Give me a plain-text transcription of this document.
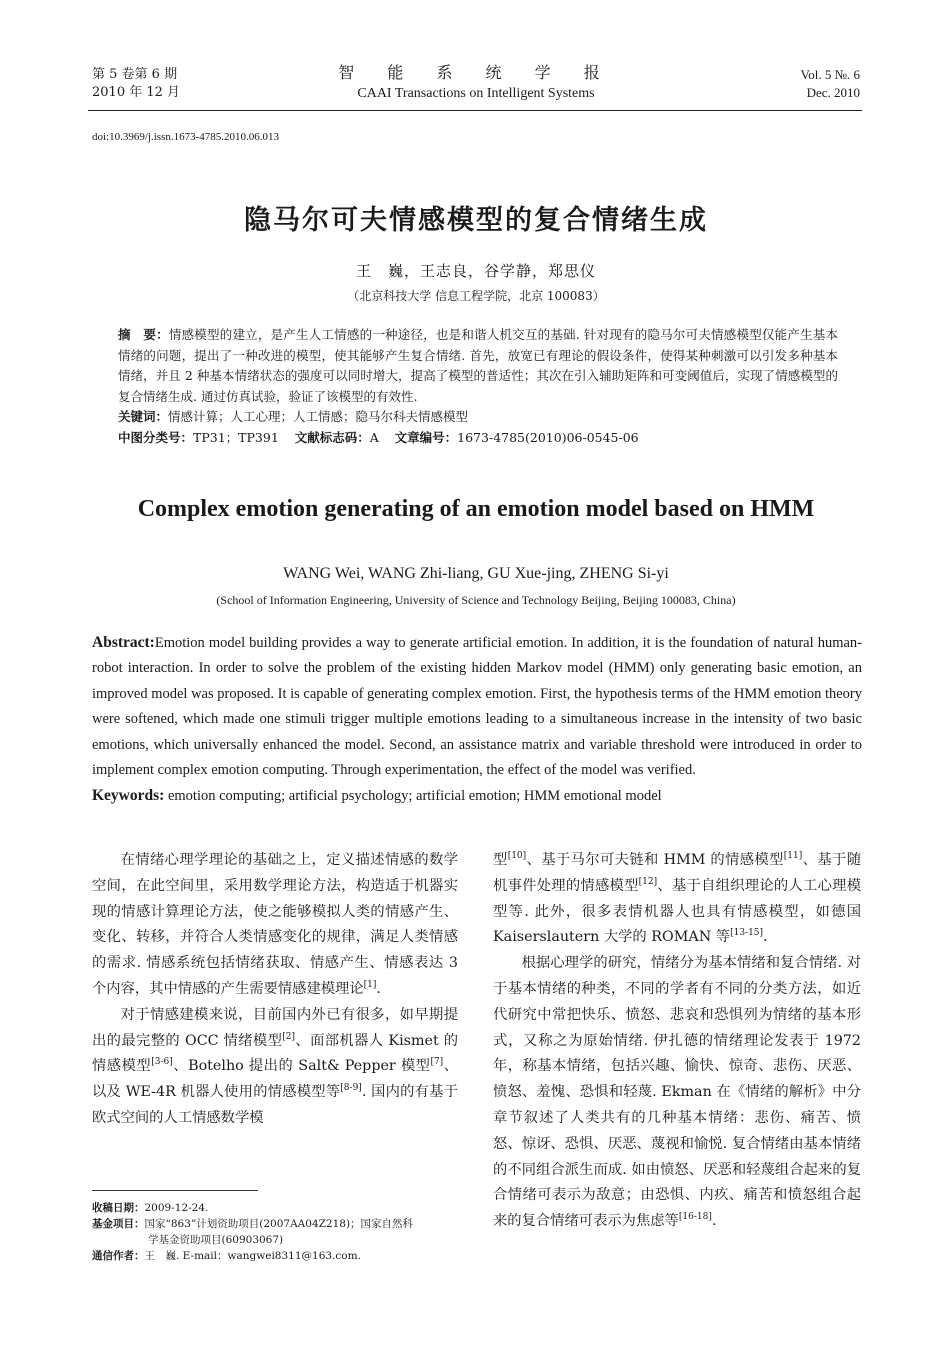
第 5 卷第 6 期
2010 年 12 月
智 能 系 统 学 报
CAAI Transactions on Intelligent Systems
Vol. 5 №. 6
Dec. 2010
doi:10.3969/j.issn.1673-4785.2010.06.013
隐马尔可夫情感模型的复合情绪生成
王　巍，王志良，谷学静，郑思仪
（北京科技大学 信息工程学院，北京 100083）

摘　要：情感模型的建立，是产生人工情感的一种途径，也是和谐人机交互的基础. 针对现有的隐马尔可夫情感模型仅能产生基本情绪的问题，提出了一种改进的模型，使其能够产生复合情绪. 首先，放宽已有理论的假设条件，使得某种刺激可以引发多种基本情绪，并且 2 种基本情绪状态的强度可以同时增大，提高了模型的普适性；其次在引入辅助矩阵和可变阈值后，实现了情感模型的复合情绪生成. 通过仿真试验，验证了该模型的有效性.

关键词：情感计算；人工心理；人工情感；隐马尔科夫情感模型

中图分类号：TP31；TP391 文献标志码：A 文章编号：1673-4785(2010)06-0545-06

Complex emotion generating of an emotion model based on HMM
WANG Wei, WANG Zhi-liang, GU Xue-jing, ZHENG Si-yi
(School of Information Engineering, University of Science and Technology Beijing, Beijing 100083, China)

Abstract:Emotion model building provides a way to generate artificial emotion. In addition, it is the foundation of natural human-robot interaction. In order to solve the problem of the existing hidden Markov model (HMM) only generating basic emotion, an improved model was proposed. It is capable of generating complex emotion. First, the hypothesis terms of the HMM emotion theory were softened, which made one stimuli trigger multiple emotions leading to a simultaneous increase in the intensity of two basic emotions, which universally enhanced the model. Second, an assistance matrix and variable threshold were introduced in order to implement complex emotion computing. Through experimentation, the effect of the model was verified.

Keywords: emotion computing; artificial psychology; artificial emotion; HMM emotional model

在情绪心理学理论的基础之上，定义描述情感的数学空间，在此空间里，采用数学理论方法，构造适于机器实现的情感计算理论方法，使之能够模拟人类的情感产生、变化、转移，并符合人类情感变化的规律，满足人类情感的需求. 情感系统包括情绪获取、情感产生、情感表达 3 个内容，其中情感的产生需要情感建模理论[1].

对于情感建模来说，目前国内外已有很多，如早期提出的最完整的 OCC 情绪模型[2]、面部机器人 Kismet 的情感模型[3-6]、Botelho 提出的 Salt& Pepper 模型[7]、以及 WE-4R 机器人使用的情感模型等[8-9]. 国内的有基于欧式空间的人工情感数学模

型[10]、基于马尔可夫链和 HMM 的情感模型[11]、基于随机事件处理的情感模型[12]、基于自组织理论的人工心理模型等. 此外，很多表情机器人也具有情感模型，如德国 Kaiserslautern 大学的 ROMAN 等[13-15].

根据心理学的研究，情绪分为基本情绪和复合情绪. 对于基本情绪的种类，不同的学者有不同的分类方法，如近代研究中常把快乐、愤怒、悲哀和恐惧列为情绪的基本形式，又称之为原始情绪. 伊扎德的情绪理论发表于 1972 年，称基本情绪，包括兴趣、愉快、惊奇、悲伤、厌恶、愤怒、羞愧、恐惧和轻蔑. Ekman 在《情绪的解析》中分章节叙述了人类共有的几种基本情绪：悲伤、痛苦、愤怒、惊讶、恐惧、厌恶、蔑视和愉悦. 复合情绪由基本情绪的不同组合派生而成. 如由愤怒、厌恶和轻蔑组合起来的复合情绪可表示为敌意；由恐惧、内疚、痛苦和愤怒组合起来的复合情绪可表示为焦虑等[16-18].

收稿日期：2009-12-24.

基金项目：国家“863”计划资助项目(2007AA04Z218)；国家自然科

学基金资助项目(60903067)

通信作者：王　巍. E-mail：wangwei8311@163.com.
